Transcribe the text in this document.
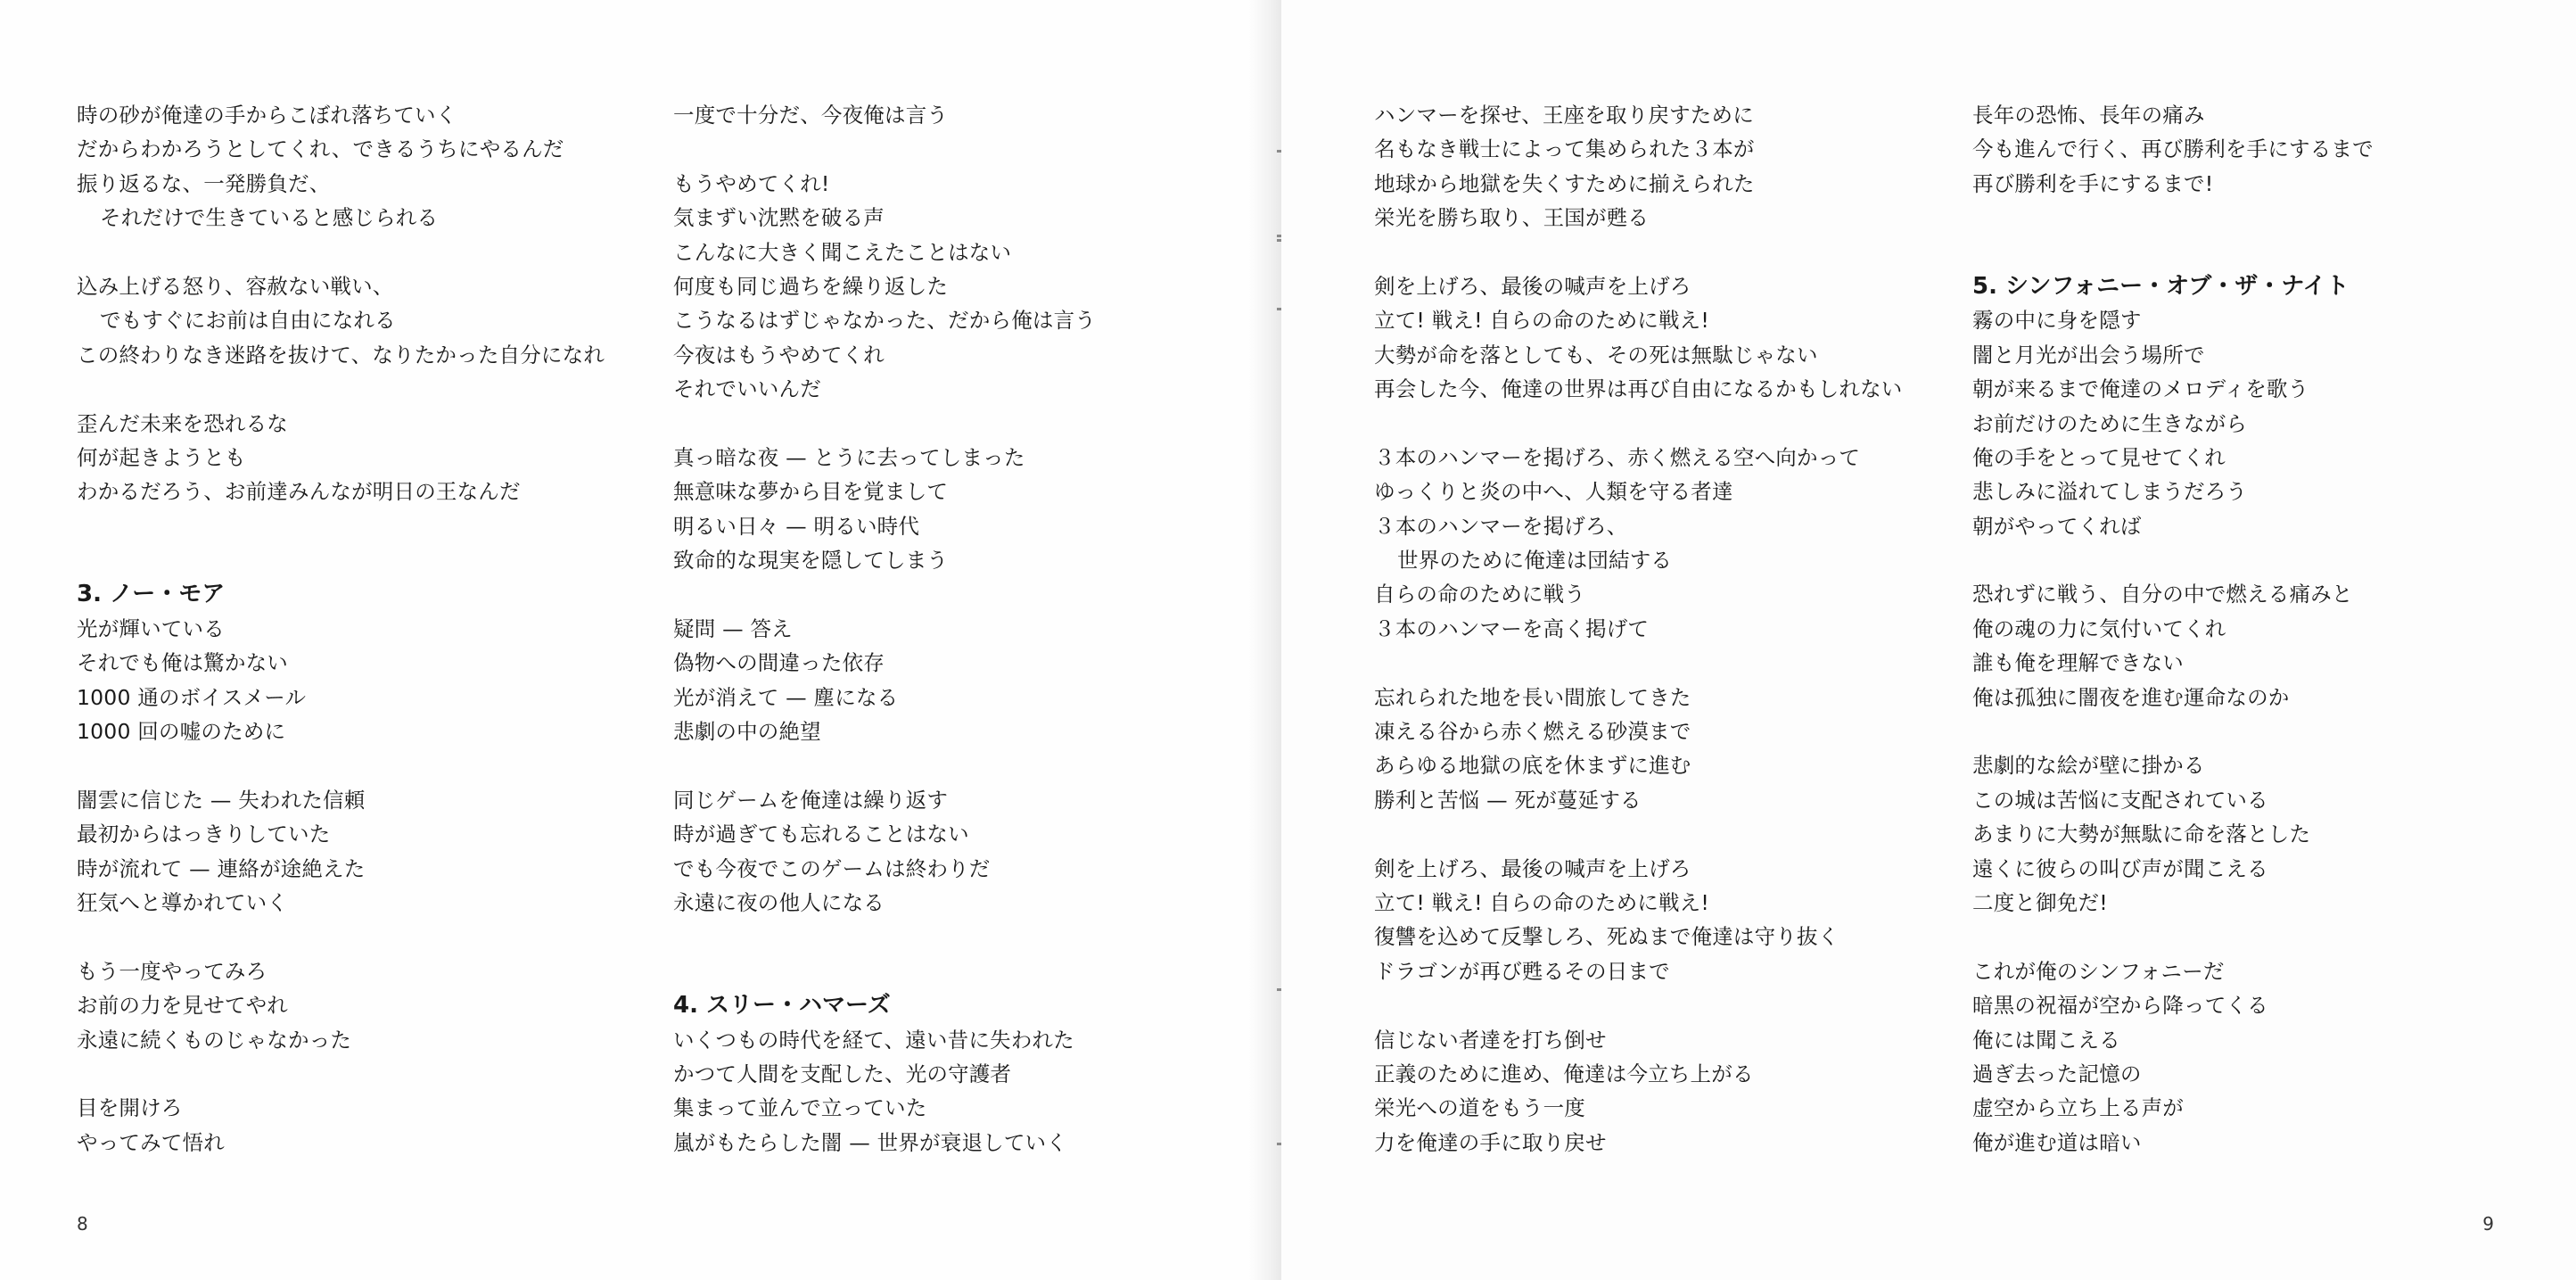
時の砂が俺達の手からこぼれ落ちていく
だからわかろうとしてくれ、できるうちにやるんだ
振り返るな、一発勝負だ、
それだけで生きていると感じられる
込み上げる怒り、容赦ない戦い、
でもすぐにお前は自由になれる
この終わりなき迷路を抜けて、なりたかった自分になれ
歪んだ未来を恐れるな
何が起きようとも
わかるだろう、お前達みんなが明日の王なんだ
3. ノー・モア
光が輝いている
それでも俺は驚かない
1000 通のボイスメール
1000 回の嘘のために
闇雲に信じた — 失われた信頼
最初からはっきりしていた
時が流れて — 連絡が途絶えた
狂気へと導かれていく
もう一度やってみろ
お前の力を見せてやれ
永遠に続くものじゃなかった
目を開けろ
やってみて悟れ
一度で十分だ、今夜俺は言う
もうやめてくれ!
気まずい沈黙を破る声
こんなに大きく聞こえたことはない
何度も同じ過ちを繰り返した
こうなるはずじゃなかった、だから俺は言う
今夜はもうやめてくれ
それでいいんだ
真っ暗な夜 — とうに去ってしまった
無意味な夢から目を覚まして
明るい日々 — 明るい時代
致命的な現実を隠してしまう
疑問 — 答え
偽物への間違った依存
光が消えて — 塵になる
悲劇の中の絶望
同じゲームを俺達は繰り返す
時が過ぎても忘れることはない
でも今夜でこのゲームは終わりだ
永遠に夜の他人になる
4. スリー・ハマーズ
いくつもの時代を経て、遠い昔に失われた
かつて人間を支配した、光の守護者
集まって並んで立っていた
嵐がもたらした闇 — 世界が衰退していく
8
ハンマーを探せ、王座を取り戻すために
名もなき戦士によって集められた３本が
地球から地獄を失くすために揃えられた
栄光を勝ち取り、王国が甦る
剣を上げろ、最後の喊声を上げろ
立て! 戦え! 自らの命のために戦え!
大勢が命を落としても、その死は無駄じゃない
再会した今、俺達の世界は再び自由になるかもしれない
３本のハンマーを掲げろ、赤く燃える空へ向かって
ゆっくりと炎の中へ、人類を守る者達
３本のハンマーを掲げろ、
世界のために俺達は団結する
自らの命のために戦う
３本のハンマーを高く掲げて
忘れられた地を長い間旅してきた
凍える谷から赤く燃える砂漠まで
あらゆる地獄の底を休まずに進む
勝利と苦悩 — 死が蔓延する
剣を上げろ、最後の喊声を上げろ
立て! 戦え! 自らの命のために戦え!
復讐を込めて反撃しろ、死ぬまで俺達は守り抜く
ドラゴンが再び甦るその日まで
信じない者達を打ち倒せ
正義のために進め、俺達は今立ち上がる
栄光への道をもう一度
力を俺達の手に取り戻せ
長年の恐怖、長年の痛み
今も進んで行く、再び勝利を手にするまで
再び勝利を手にするまで!
5. シンフォニー・オブ・ザ・ナイト
霧の中に身を隠す
闇と月光が出会う場所で
朝が来るまで俺達のメロディを歌う
お前だけのために生きながら
俺の手をとって見せてくれ
悲しみに溢れてしまうだろう
朝がやってくれば
恐れずに戦う、自分の中で燃える痛みと
俺の魂の力に気付いてくれ
誰も俺を理解できない
俺は孤独に闇夜を進む運命なのか
悲劇的な絵が壁に掛かる
この城は苦悩に支配されている
あまりに大勢が無駄に命を落とした
遠くに彼らの叫び声が聞こえる
二度と御免だ!
これが俺のシンフォニーだ
暗黒の祝福が空から降ってくる
俺には聞こえる
過ぎ去った記憶の
虚空から立ち上る声が
俺が進む道は暗い
9
